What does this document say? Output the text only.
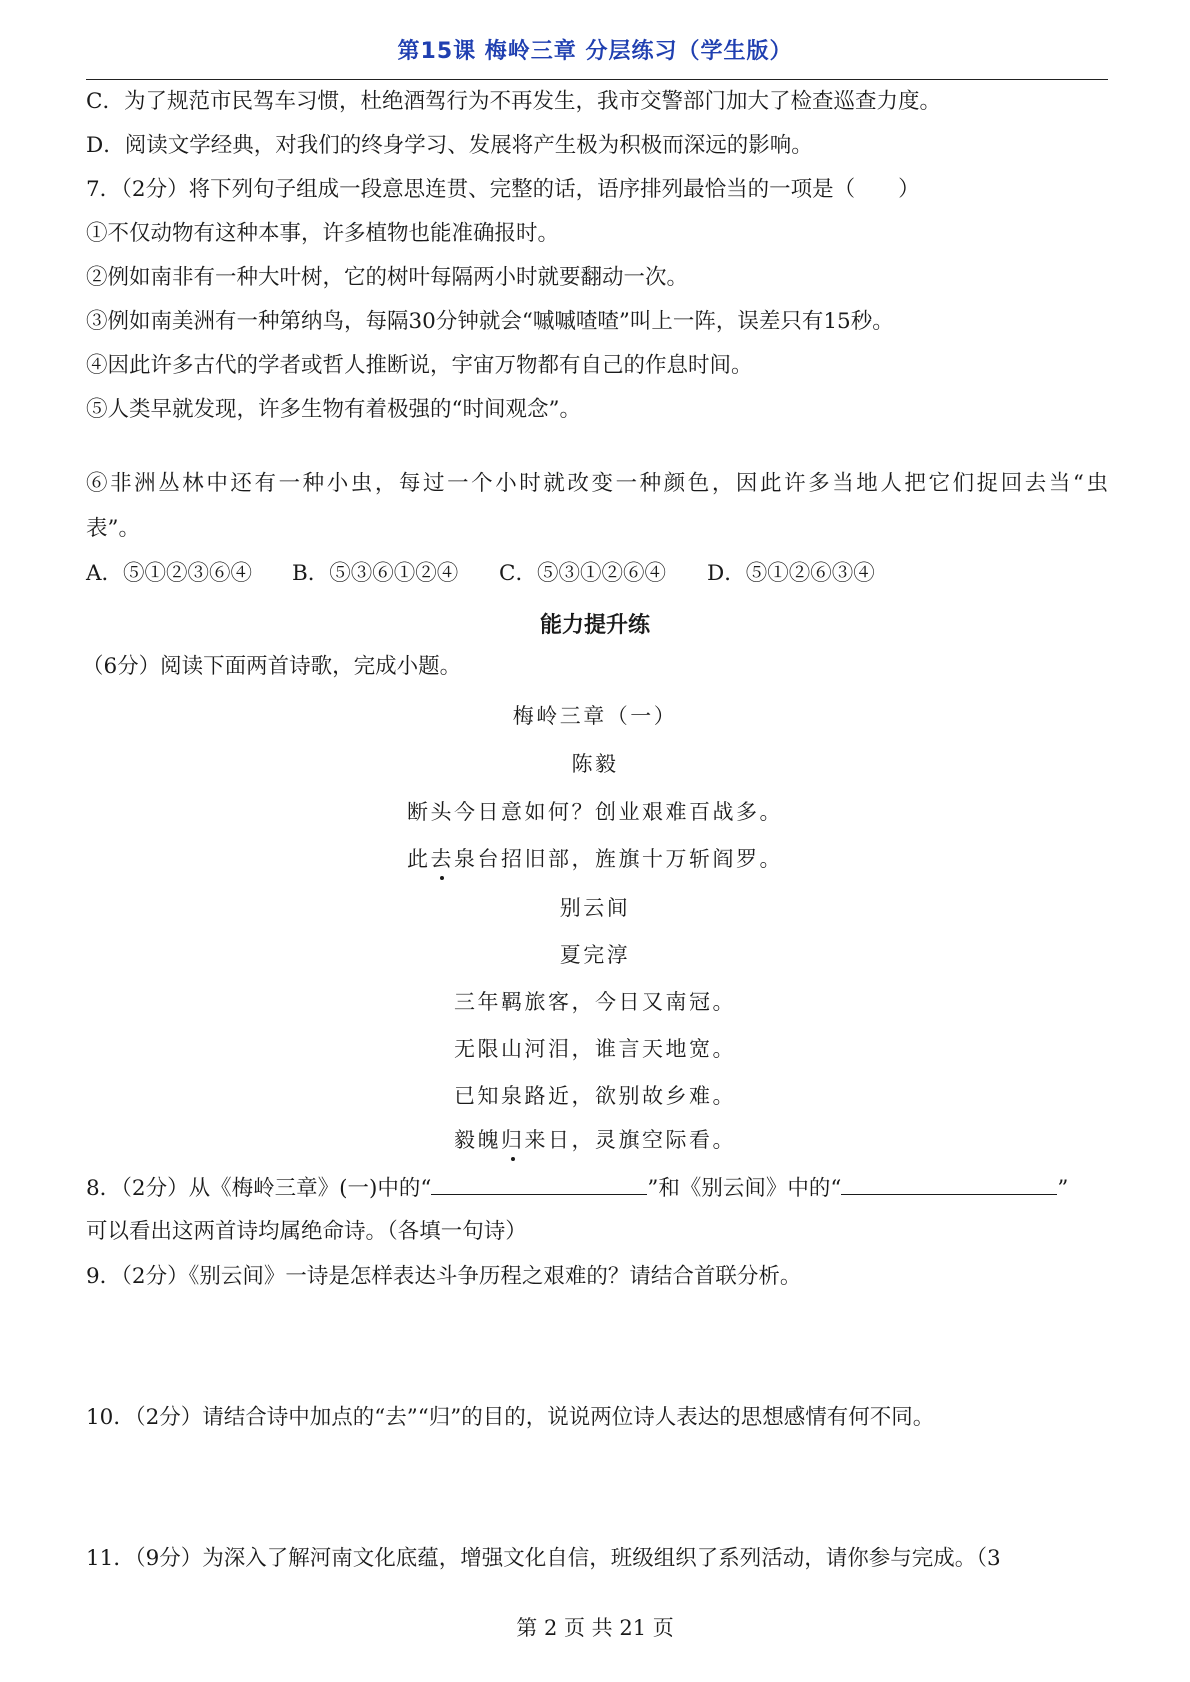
第15课 梅岭三章 分层练习（学生版）
C．为了规范市民驾车习惯，杜绝酒驾行为不再发生，我市交警部门加大了检查巡查力度。
D．阅读文学经典，对我们的终身学习、发展将产生极为积极而深远的影响。
7．（2分）将下列句子组成一段意思连贯、完整的话，语序排列最恰当的一项是（　　）
①不仅动物有这种本事，许多植物也能准确报时。
②例如南非有一种大叶树，它的树叶每隔两小时就要翻动一次。
③例如南美洲有一种第纳鸟，每隔30分钟就会“嘁嘁喳喳”叫上一阵，误差只有15秒。
④因此许多古代的学者或哲人推断说，宇宙万物都有自己的作息时间。
⑤人类早就发现，许多生物有着极强的“时间观念”。
⑥非洲丛林中还有一种小虫，每过一个小时就改变一种颜色，因此许多当地人把它们捉回去当“虫
表”。
A．⑤①②③⑥④ B．⑤③⑥①②④ C．⑤③①②⑥④ D．⑤①②⑥③④
能力提升练
（6分）阅读下面两首诗歌，完成小题。
梅岭三章（一）
陈毅
断头今日意如何？创业艰难百战多。
此去泉台招旧部，旌旗十万斩阎罗。
别云间
夏完淳
三年羁旅客，今日又南冠。
无限山河泪，谁言天地宽。
已知泉路近，欲别故乡难。
毅魄归来日，灵旗空际看。
8．（2分）从《梅岭三章》(一)中的“	”和《别云间》中的“	”
可以看出这两首诗均属绝命诗。（各填一句诗）
9．（2分）《别云间》一诗是怎样表达斗争历程之艰难的？请结合首联分析。
10．（2分）请结合诗中加点的“去”“归”的目的，说说两位诗人表达的思想感情有何不同。
11．（9分）为深入了解河南文化底蕴，增强文化自信，班级组织了系列活动，请你参与完成。（3
第 2 页 共 21 页
